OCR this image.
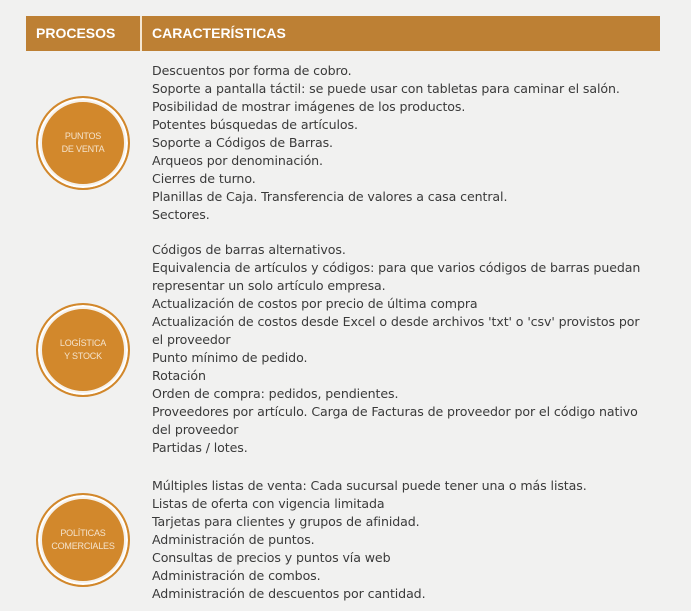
PROCESOS	CARACTERÍSTICAS
PUNTOS
DE VENTA
Descuentos por forma de cobro.
Soporte a pantalla táctil: se puede usar con tabletas para caminar el salón.
Posibilidad de mostrar imágenes de los productos.
Potentes búsquedas de artículos.
Soporte a Códigos de Barras.
Arqueos por denominación.
Cierres de turno.
Planillas de Caja. Transferencia de valores a casa central.
Sectores.
LOGÍSTICA
Y STOCK
Códigos de barras alternativos.
Equivalencia de artículos y códigos: para que varios códigos de barras puedan
representar un solo artículo empresa.
Actualización de costos por precio de última compra
Actualización de costos desde Excel o desde archivos 'txt' o 'csv' provistos por
el proveedor
Punto mínimo de pedido.
Rotación
Orden de compra: pedidos, pendientes.
Proveedores por artículo. Carga de Facturas de proveedor por el código nativo
del proveedor
Partidas / lotes.
POLÍTICAS
COMERCIALES
Múltiples listas de venta: Cada sucursal puede tener una o más listas.
Listas de oferta con vigencia limitada
Tarjetas para clientes y grupos de afinidad.
Administración de puntos.
Consultas de precios y puntos vía web
Administración de combos.
Administración de descuentos por cantidad.
